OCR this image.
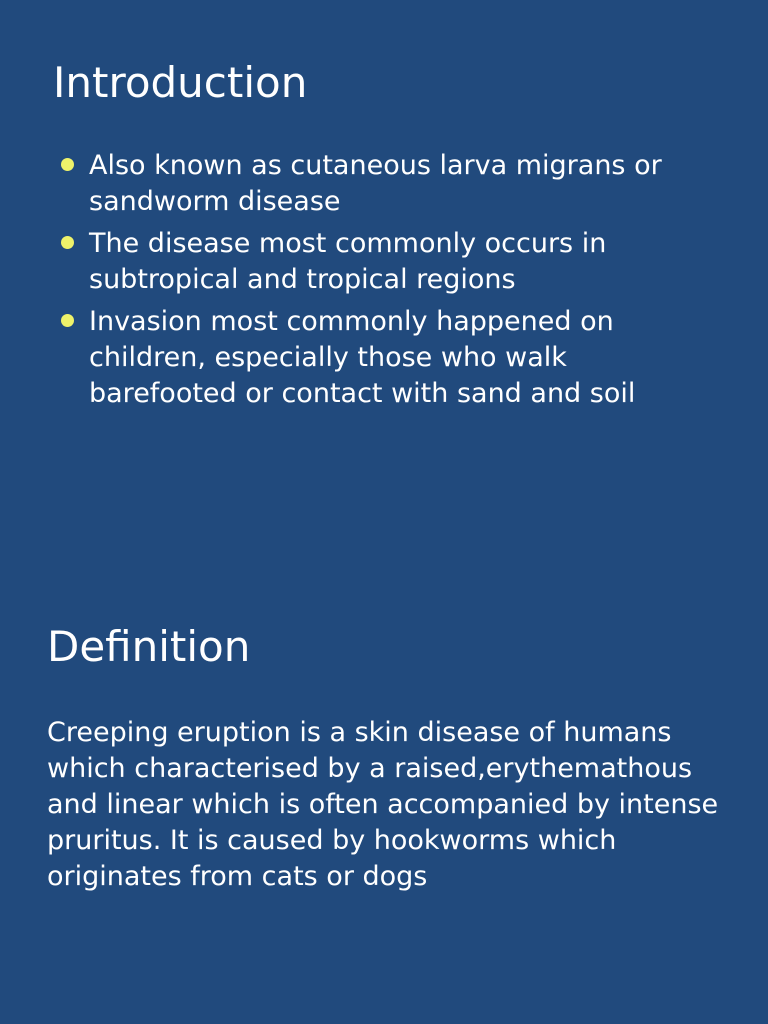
Introduction
Also known as cutaneous larva migrans or sandworm disease
The disease most commonly occurs in subtropical and tropical regions
Invasion most commonly happened on children, especially those who walk barefooted or contact with sand and soil
Definition

Creeping eruption is a skin disease of humans which characterised by a raised,erythemathous and linear which is often accompanied by intense pruritus. It is caused by hookworms which originates from cats or dogs
